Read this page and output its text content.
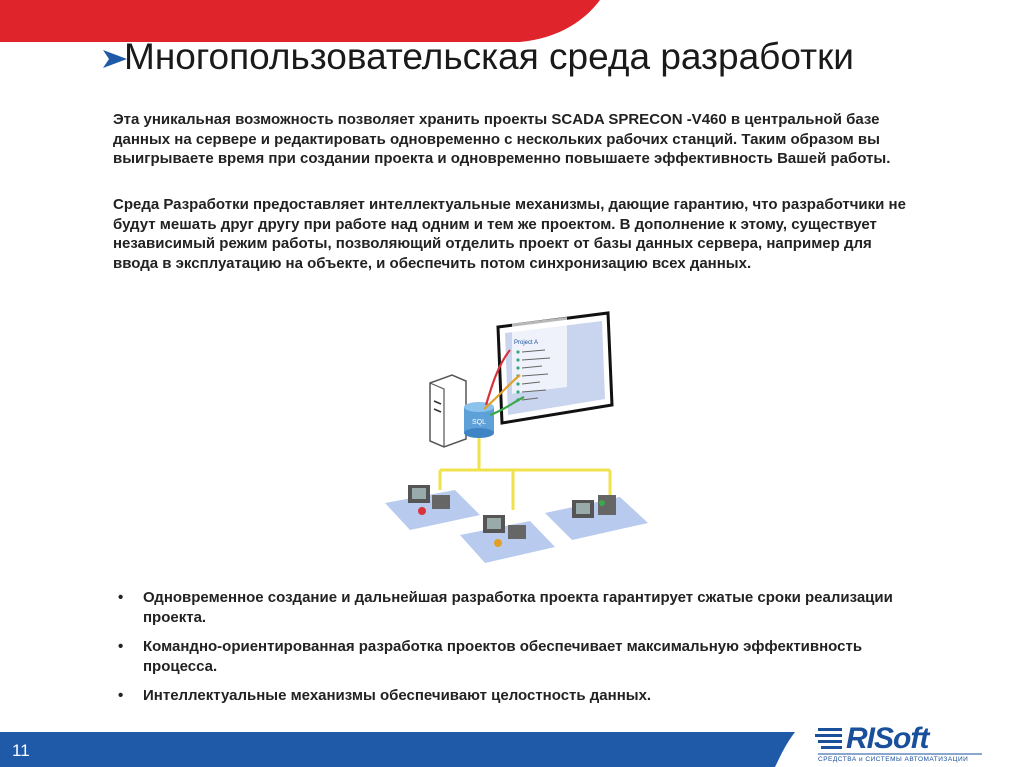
Многопользовательская среда разработки
Эта уникальная возможность позволяет хранить проекты SCADA SPRECON -V460 в центральной базе данных на сервере и редактировать одновременно с нескольких рабочих станций. Таким образом вы выигрываете время при создании проекта и одновременно повышаете эффективность Вашей работы.
Среда Разработки предоставляет интеллектуальные механизмы, дающие гарантию, что разработчики не будут мешать друг другу при работе над одним и тем же проектом. В дополнение к этому, существует независимый режим работы, позволяющий отделить проект от базы данных сервера, например для ввода в эксплуатацию на объекте, и обеспечить потом синхронизацию всех данных.
Project A
SQL
• Одновременное создание и дальнейшая разработка проекта гарантирует сжатые сроки реализации проекта.
• Командно-ориентированная разработка проектов обеспечивает максимальную эффективность процесса.
• Интеллектуальные механизмы обеспечивают целостность данных.
11	RISoft
СРЕДСТВА и СИСТЕМЫ АВТОМАТИЗАЦИИ
